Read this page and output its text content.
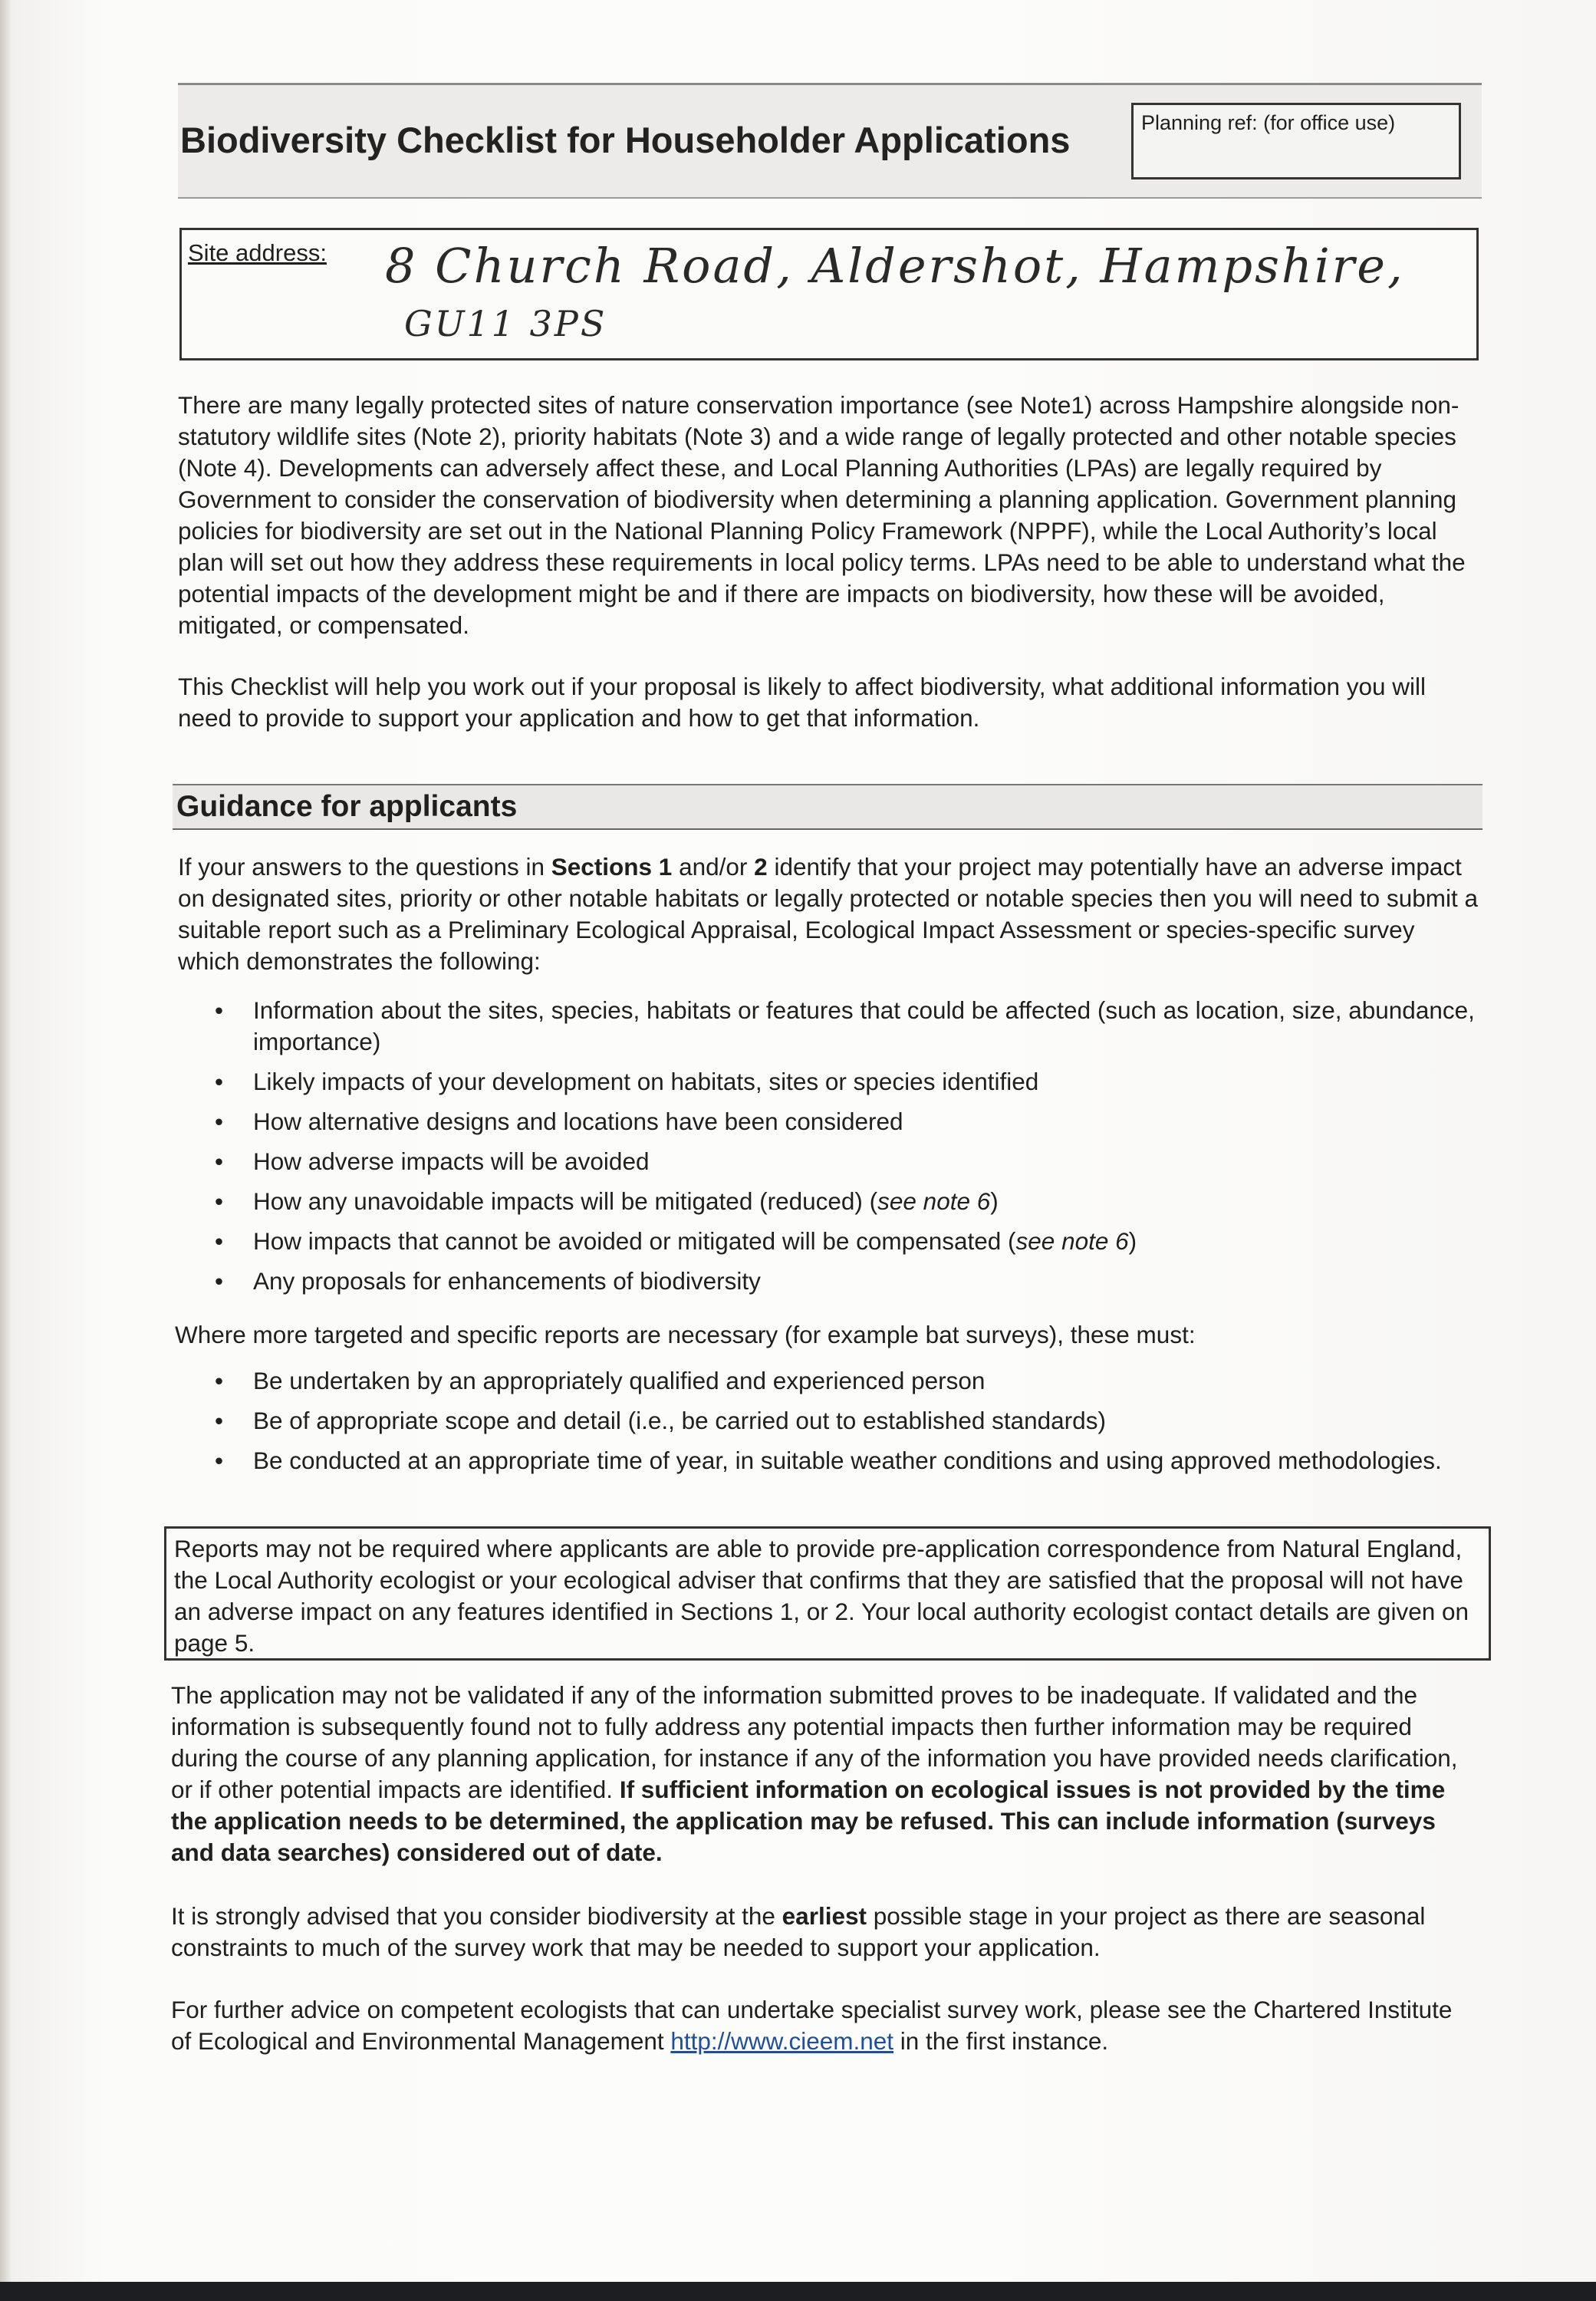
Biodiversity Checklist for Householder Applications	Planning ref: (for office use)
Site address: 8 Church Road, Aldershot, Hampshire,
GU11 3PS
There are many legally protected sites of nature conservation importance (see Note1) across Hampshire alongside non-statutory wildlife sites (Note 2), priority habitats (Note 3) and a wide range of legally protected and other notable species (Note 4). Developments can adversely affect these, and Local Planning Authorities (LPAs) are legally required by Government to consider the conservation of biodiversity when determining a planning application. Government planning policies for biodiversity are set out in the National Planning Policy Framework (NPPF), while the Local Authority’s local plan will set out how they address these requirements in local policy terms. LPAs need to be able to understand what the potential impacts of the development might be and if there are impacts on biodiversity, how these will be avoided, mitigated, or compensated.
This Checklist will help you work out if your proposal is likely to affect biodiversity, what additional information you will need to provide to support your application and how to get that information.
Guidance for applicants
If your answers to the questions in Sections 1 and/or 2 identify that your project may potentially have an adverse impact on designated sites, priority or other notable habitats or legally protected or notable species then you will need to submit a suitable report such as a Preliminary Ecological Appraisal, Ecological Impact Assessment or species-specific survey which demonstrates the following:
• Information about the sites, species, habitats or features that could be affected (such as location, size, abundance, importance)
• Likely impacts of your development on habitats, sites or species identified
• How alternative designs and locations have been considered
• How adverse impacts will be avoided
• How any unavoidable impacts will be mitigated (reduced) (see note 6)
• How impacts that cannot be avoided or mitigated will be compensated (see note 6)
• Any proposals for enhancements of biodiversity
Where more targeted and specific reports are necessary (for example bat surveys), these must:
• Be undertaken by an appropriately qualified and experienced person
• Be of appropriate scope and detail (i.e., be carried out to established standards)
• Be conducted at an appropriate time of year, in suitable weather conditions and using approved methodologies.
Reports may not be required where applicants are able to provide pre-application correspondence from Natural England, the Local Authority ecologist or your ecological adviser that confirms that they are satisfied that the proposal will not have an adverse impact on any features identified in Sections 1, or 2. Your local authority ecologist contact details are given on page 5.
The application may not be validated if any of the information submitted proves to be inadequate. If validated and the information is subsequently found not to fully address any potential impacts then further information may be required during the course of any planning application, for instance if any of the information you have provided needs clarification, or if other potential impacts are identified. If sufficient information on ecological issues is not provided by the time the application needs to be determined, the application may be refused. This can include information (surveys and data searches) considered out of date.
It is strongly advised that you consider biodiversity at the earliest possible stage in your project as there are seasonal constraints to much of the survey work that may be needed to support your application.
For further advice on competent ecologists that can undertake specialist survey work, please see the Chartered Institute of Ecological and Environmental Management http://www.cieem.net in the first instance.
